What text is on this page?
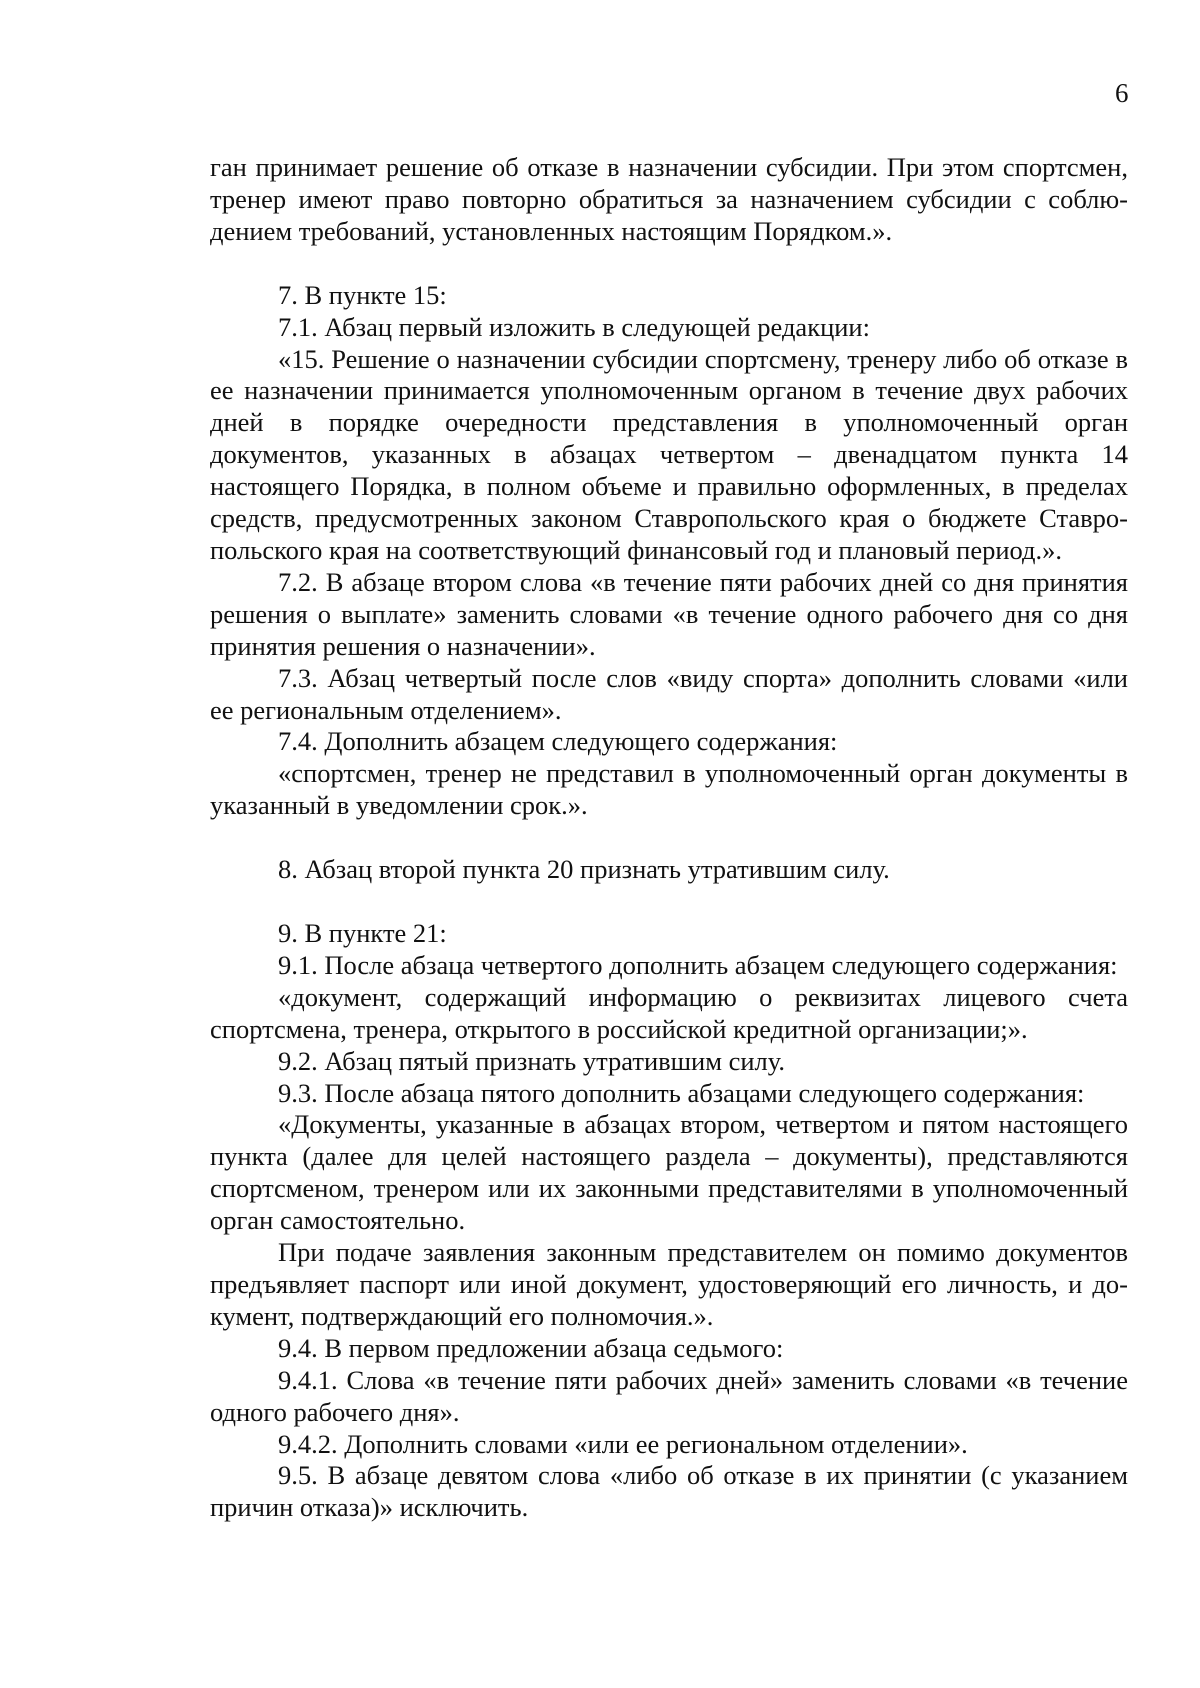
6

ган принимает решение об отказе в назначении субсидии. При этом спортсмен, тренер имеют право повторно обратиться за назначением субсидии с соблюдением требований, установленных настоящим Порядком.».

7. В пункте 15:

7.1. Абзац первый изложить в следующей редакции:

«15. Решение о назначении субсидии спортсмену, тренеру либо об отказе в ее назначении принимается уполномоченным органом в течение двух рабочих дней в порядке очередности представления в уполномоченный орган документов, указанных в абзацах четвертом – двенадцатом пункта 14 настоящего Порядка, в полном объеме и правильно оформленных, в пределах средств, предусмотренных законом Ставропольского края о бюджете Ставропольского края на соответствующий финансовый год и плановый период.».

7.2. В абзаце втором слова «в течение пяти рабочих дней со дня принятия решения о выплате» заменить словами «в течение одного рабочего дня со дня принятия решения о назначении».

7.3. Абзац четвертый после слов «виду спорта» дополнить словами «или ее региональным отделением».

7.4. Дополнить абзацем следующего содержания:

«спортсмен, тренер не представил в уполномоченный орган документы в указанный в уведомлении срок.».

8. Абзац второй пункта 20 признать утратившим силу.

9. В пункте 21:

9.1. После абзаца четвертого дополнить абзацем следующего содержания:

«документ, содержащий информацию о реквизитах лицевого счета спортсмена, тренера, открытого в российской кредитной организации;».

9.2. Абзац пятый признать утратившим силу.

9.3. После абзаца пятого дополнить абзацами следующего содержания:

«Документы, указанные в абзацах втором, четвертом и пятом настоящего пункта (далее для целей настоящего раздела – документы), представляются спортсменом, тренером или их законными представителями в уполномоченный орган самостоятельно.

При подаче заявления законным представителем он помимо документов предъявляет паспорт или иной документ, удостоверяющий его личность, и документ, подтверждающий его полномочия.».

9.4. В первом предложении абзаца седьмого:

9.4.1. Слова «в течение пяти рабочих дней» заменить словами «в течение одного рабочего дня».

9.4.2. Дополнить словами «или ее региональном отделении».

9.5. В абзаце девятом слова «либо об отказе в их принятии (с указанием причин отказа)» исключить.
